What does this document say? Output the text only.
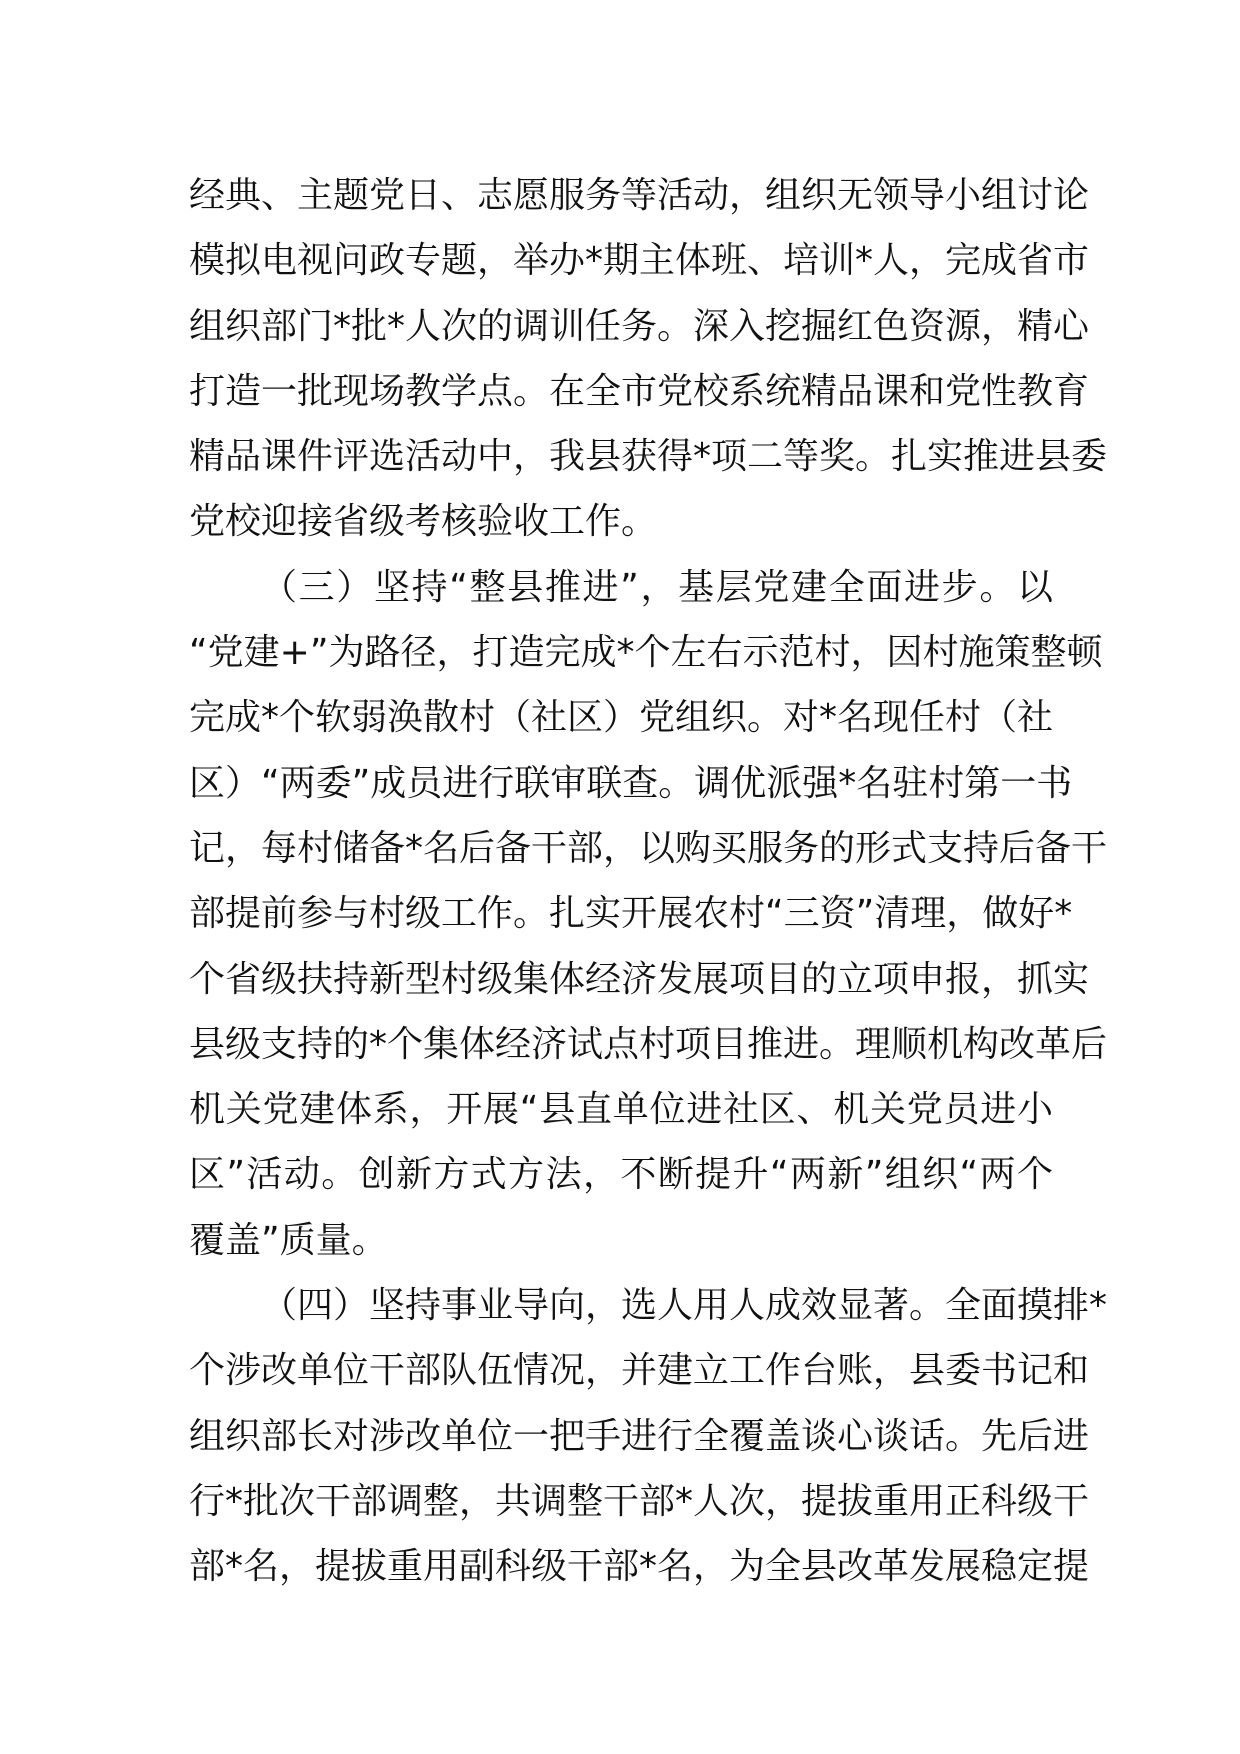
经典、主题党日、志愿服务等活动，组织无领导小组讨论
模拟电视问政专题，举办*期主体班、培训*人，完成省市
组织部门*批*人次的调训任务。深入挖掘红色资源，精心
打造一批现场教学点。在全市党校系统精品课和党性教育
精品课件评选活动中，我县获得*项二等奖。扎实推进县委
党校迎接省级考核验收工作。
（三）坚持“整县推进”，基层党建全面进步。以
“党建+”为路径，打造完成*个左右示范村，因村施策整顿
完成*个软弱涣散村（社区）党组织。对*名现任村（社
区）“两委”成员进行联审联查。调优派强*名驻村第一书
记，每村储备*名后备干部，以购买服务的形式支持后备干
部提前参与村级工作。扎实开展农村“三资”清理，做好*
个省级扶持新型村级集体经济发展项目的立项申报，抓实
县级支持的*个集体经济试点村项目推进。理顺机构改革后
机关党建体系，开展“县直单位进社区、机关党员进小
区”活动。创新方式方法，不断提升“两新”组织“两个
覆盖”质量。
（四）坚持事业导向，选人用人成效显著。全面摸排*
个涉改单位干部队伍情况，并建立工作台账，县委书记和
组织部长对涉改单位一把手进行全覆盖谈心谈话。先后进
行*批次干部调整，共调整干部*人次，提拔重用正科级干
部*名，提拔重用副科级干部*名，为全县改革发展稳定提
